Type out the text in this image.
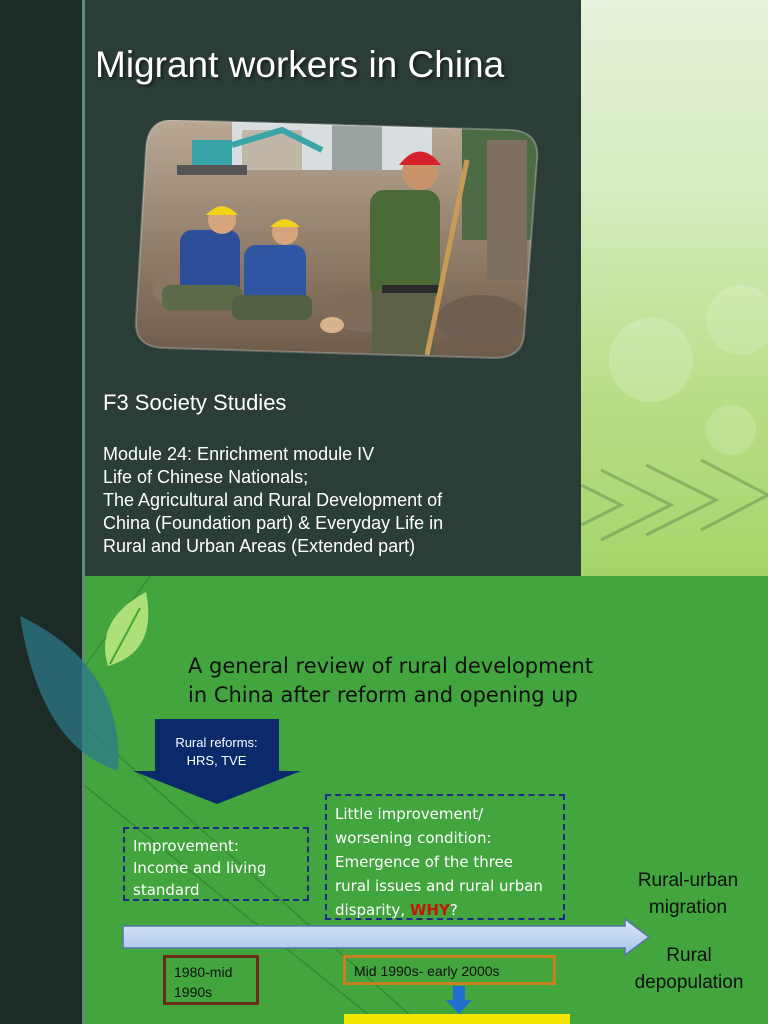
Migrant workers in China
F3 Society Studies
Module 24: Enrichment module IV
Life of Chinese Nationals;
The Agricultural and Rural Development of
China (Foundation part) & Everyday Life in
Rural and Urban Areas (Extended part)
A general review of rural development
in China after reform and opening up
Rural reforms:
HRS, TVE
Improvement:
Income and living
standard
Little improvement/
worsening condition:
Emergence of the three
rural issues and rural urban
disparity, WHY?
Rural-urban
migration
Rural
depopulation
1980-mid
1990s
Mid 1990s- early 2000s
